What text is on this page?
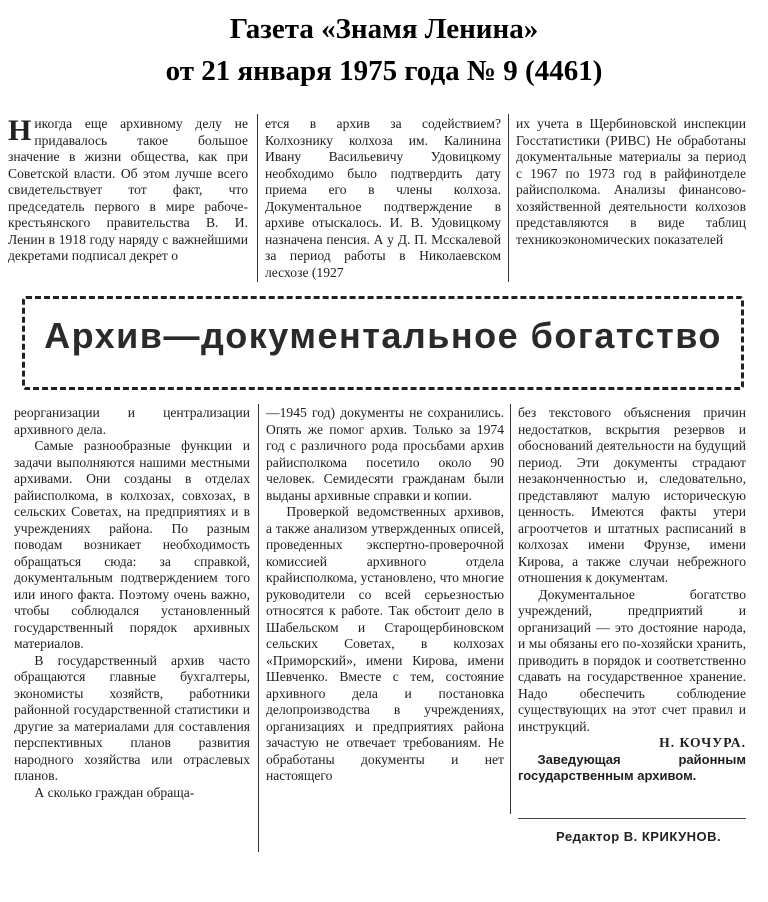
Газета «Знамя Ленина»
от 21 января 1975 года № 9 (4461)

Никогда еще архивному делу не придавалось такое большое значение в жизни общества, как при Советской власти. Об этом лучше всего свидетельствует тот факт, что председатель первого в мире рабоче-крестьянского правительства В. И. Ленин в 1918 году наряду с важнейшими декретами подписал декрет о

ется в архив за содействием? Колхознику колхоза им. Калинина Ивану Васильевичу Удовицкому необходимо было подтвердить дату приема его в члены колхоза. Документальное подтверждение в архиве отыскалось. И. В. Удовицкому назначена пенсия. А у Д. П. Мсскалевой за период работы в Николаевском лесхозе (1927

их учета в Щербиновской инспекции Госстатистики (РИВС) Не обработаны документальные материалы за период с 1967 по 1973 год в райфинотделе райисполкома. Анализы финансово-хозяйственной деятельности колхозов представляются в виде таблиц техникоэкономических показателей

Архив—документальное богатство

реорганизации и централизации архивного дела.

Самые разнообразные функции и задачи выполняются нашими местными архивами. Они созданы в отделах райисполкома, в колхозах, совхозах, в сельских Советах, на предприятиях и в учреждениях района. По разным поводам возникает необходимость обращаться сюда: за справкой, документальным подтверждением того или иного факта. Поэтому очень важно, чтобы соблюдался установленный государственный порядок архивных материалов.

В государственный архив часто обращаются главные бухгалтеры, экономисты хозяйств, работники районной государственной статистики и другие за материалами для составления перспективных планов развития народного хозяйства или отраслевых планов.

А сколько граждан обраща-

—1945 год) документы не сохранились. Опять же помог архив. Только за 1974 год с различного рода просьбами архив райисполкома посетило около 90 человек. Семидесяти гражданам были выданы архивные справки и копии.

Проверкой ведомственных архивов, а также анализом утвержденных описей, проведенных экспертно-проверочной комиссией архивного отдела крайисполкома, установлено, что многие руководители со всей серьезностью относятся к работе. Так обстоит дело в Шабельском и Старощербиновском сельских Советах, в колхозах «Приморский», имени Кирова, имени Шевченко. Вместе с тем, состояние архивного дела и постановка делопроизводства в учреждениях, организациях и предприятиях района зачастую не отвечает требованиям. Не обработаны документы и нет настоящего

без текстового объяснения причин недостатков, вскрытия резервов и обоснований деятельности на будущий период. Эти документы страдают незаконченностью и, следовательно, представляют малую историческую ценность. Имеются факты утери агроотчетов и штатных расписаний в колхозах имени Фрунзе, имени Кирова, а также случаи небрежного отношения к документам.

Документальное богатство учреждений, предприятий и организаций — это достояние народа, и мы обязаны его по-хозяйски хранить, приводить в порядок и соответственно сдавать на государственное хранение. Надо обеспечить соблюдение существующих на этот счет правил и инструкций.

Н. КОЧУРА.

Заведующая районным государственным архивом.

Редактор В. КРИКУНОВ.
